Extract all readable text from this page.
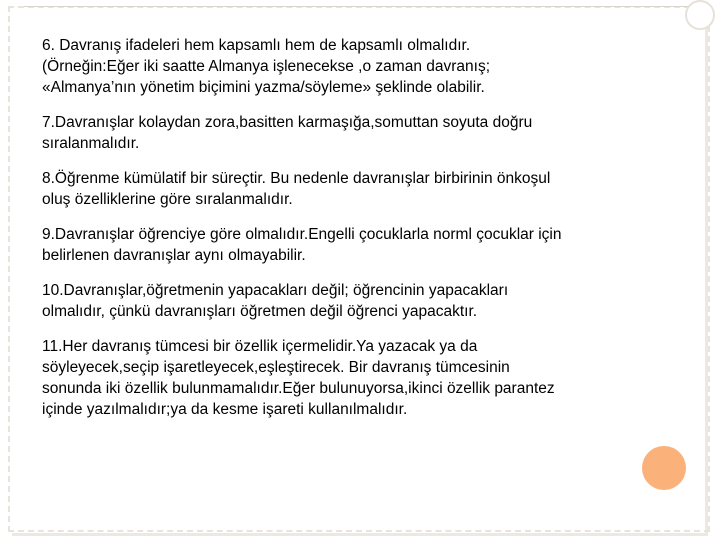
6. Davranış ifadeleri hem kapsamlı hem de kapsamlı olmalıdır.

(Örneğin:Eğer iki saatte Almanya işlenecekse ,o zaman davranış;
«Almanya’nın yönetim biçimini yazma/söyleme» şeklinde olabilir.

7.Davranışlar kolaydan zora,basitten karmaşığa,somuttan soyuta doğru
sıralanmalıdır.

8.Öğrenme kümülatif bir süreçtir. Bu nedenle davranışlar birbirinin önkoşul
oluş özelliklerine göre sıralanmalıdır.

9.Davranışlar öğrenciye göre olmalıdır.Engelli çocuklarla norml çocuklar için
belirlenen davranışlar aynı olmayabilir.

10.Davranışlar,öğretmenin yapacakları değil; öğrencinin yapacakları
olmalıdır, çünkü davranışları öğretmen değil öğrenci yapacaktır.

11.Her davranış tümcesi bir özellik içermelidir.Ya yazacak ya da
söyleyecek,seçip işaretleyecek,eşleştirecek. Bir davranış tümcesinin
sonunda iki özellik bulunmamalıdır.Eğer bulunuyorsa,ikinci özellik parantez
içinde yazılmalıdır;ya da kesme işareti kullanılmalıdır.
